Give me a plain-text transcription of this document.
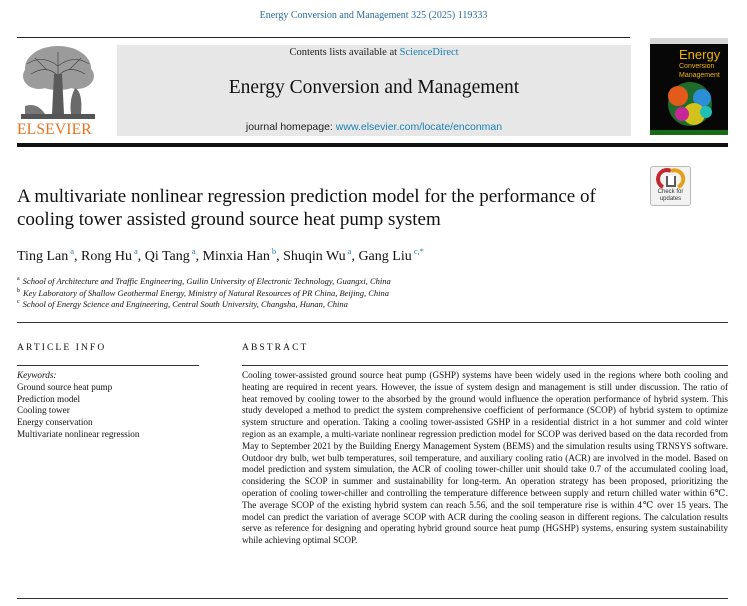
Energy Conversion and Management 325 (2025) 119333
ELSEVIER
Contents lists available at ScienceDirect
Energy Conversion and Management
journal homepage: www.elsevier.com/locate/enconman
Energy
Conversion
Management
Check for
updates
A multivariate nonlinear regression prediction model for the performance of cooling tower assisted ground source heat pump system
Ting Lan $^a$, Rong Hu $^a$, Qi Tang $^a$, Minxia Han $^b$, Shuqin Wu $^a$, Gang Liu $^{c,*}$
$^a$ School of Architecture and Traffic Engineering, Guilin University of Electronic Technology, Guangxi, China
$^b$ Key Laboratory of Shallow Geothermal Energy, Ministry of Natural Resources of PR China, Beijing, China
$^c$ School of Energy Science and Engineering, Central South University, Changsha, Hunan, China
ARTICLE INFO
Keywords:
Ground source heat pump
Prediction model
Cooling tower
Energy conservation
Multivariate nonlinear regression
ABSTRACT
Cooling tower-assisted ground source heat pump (GSHP) systems have been widely used in the regions where both cooling and heating are required in recent years. However, the issue of system design and management is still under discussion. The ratio of heat removed by cooling tower to the absorbed by the ground would influence the operation performance of hybrid system. This study developed a method to predict the system comprehensive coefficient of performance (SCOP) of hybrid system to optimize system structure and operation. Taking a cooling tower-assisted GSHP in a residential district in a hot summer and cold winter region as an example, a multi-variate nonlinear regression prediction model for SCOP was derived based on the data recorded from May to September 2021 by the Building Energy Management System (BEMS) and the simulation results using TRNSYS software. Outdoor dry bulb, wet bulb temperatures, soil temperature, and auxiliary cooling ratio (ACR) are involved in the model. Based on model prediction and system simulation, the ACR of cooling tower-chiller unit should take 0.7 of the accumulated cooling load, considering the SCOP in summer and sustainability for long-term. An operation strategy has been proposed, prioritizing the operation of cooling tower-chiller and controlling the temperature difference between supply and return chilled water within 6℃. The average SCOP of the existing hybrid system can reach 5.56, and the soil temperature rise is within 4℃ over 15 years. The model can predict the variation of average SCOP with ACR during the cooling season in different regions. The calculation results serve as reference for designing and operating hybrid ground source heat pump (HGSHP) systems, ensuring system sustainability while achieving optimal SCOP.
